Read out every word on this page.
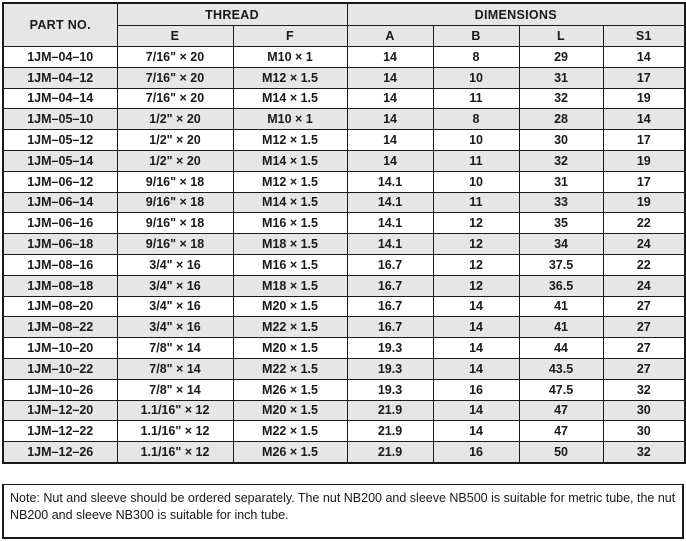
PART NO.	THREAD		DIMENSIONS			
	E	F	A	B	L	S1
1JM–04–10	7/16" × 20	M10 × 1	14	8	29	14
1JM–04–12	7/16" × 20	M12 × 1.5	14	10	31	17
1JM–04–14	7/16" × 20	M14 × 1.5	14	11	32	19
1JM–05–10	1/2" × 20	M10 × 1	14	8	28	14
1JM–05–12	1/2" × 20	M12 × 1.5	14	10	30	17
1JM–05–14	1/2" × 20	M14 × 1.5	14	11	32	19
1JM–06–12	9/16" × 18	M12 × 1.5	14.1	10	31	17
1JM–06–14	9/16" × 18	M14 × 1.5	14.1	11	33	19
1JM–06–16	9/16" × 18	M16 × 1.5	14.1	12	35	22
1JM–06–18	9/16" × 18	M18 × 1.5	14.1	12	34	24
1JM–08–16	3/4" × 16	M16 × 1.5	16.7	12	37.5	22
1JM–08–18	3/4" × 16	M18 × 1.5	16.7	12	36.5	24
1JM–08–20	3/4" × 16	M20 × 1.5	16.7	14	41	27
1JM–08–22	3/4" × 16	M22 × 1.5	16.7	14	41	27
1JM–10–20	7/8" × 14	M20 × 1.5	19.3	14	44	27
1JM–10–22	7/8" × 14	M22 × 1.5	19.3	14	43.5	27
1JM–10–26	7/8" × 14	M26 × 1.5	19.3	16	47.5	32
1JM–12–20	1.1/16" × 12	M20 × 1.5	21.9	14	47	30
1JM–12–22	1.1/16" × 12	M22 × 1.5	21.9	14	47	30
1JM–12–26	1.1/16" × 12	M26 × 1.5	21.9	16	50	32
Note: Nut and sleeve should be ordered separately. The nut NB200 and sleeve NB500 is suitable for metric tube, the nut NB200 and sleeve NB300 is suitable for inch tube.
